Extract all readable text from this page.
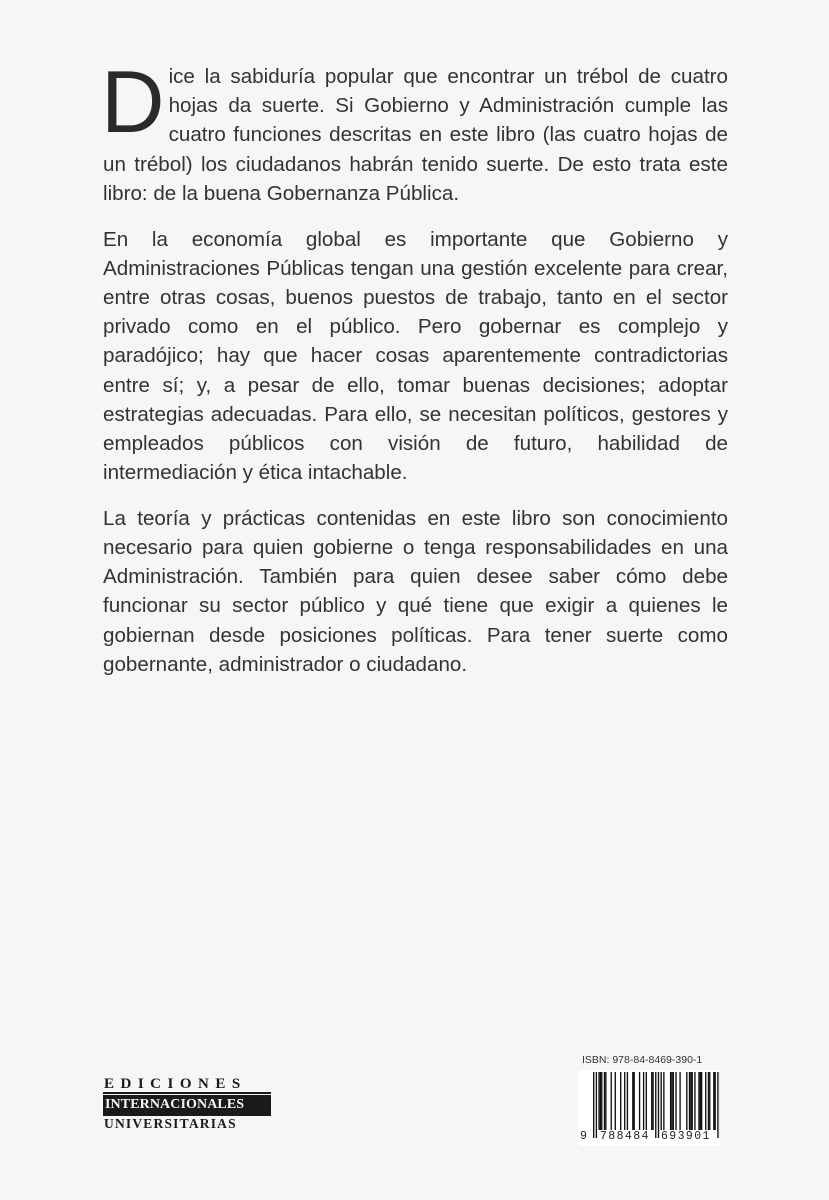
Dice la sabiduría popular que encontrar un trébol de cuatro hojas da suerte. Si Gobierno y Administración cumple las cuatro funciones descritas en este libro (las cuatro hojas de un trébol) los ciudadanos habrán tenido suerte. De esto trata este libro: de la buena Gobernanza Pública.

En la economía global es importante que Gobierno y Administraciones Públicas tengan una gestión excelente para crear, entre otras cosas, buenos puestos de trabajo, tanto en el sector privado como en el público. Pero gobernar es complejo y paradójico; hay que hacer cosas aparentemente contradictorias entre sí; y, a pesar de ello, tomar buenas decisiones; adoptar estrategias adecuadas. Para ello, se necesitan políticos, gestores y empleados públicos con visión de futuro, habilidad de intermediación y ética intachable.

La teoría y prácticas contenidas en este libro son conocimiento necesario para quien gobierne o tenga responsabilidades en una Administración. También para quien desee saber cómo debe funcionar su sector público y qué tiene que exigir a quienes le gobiernan desde posiciones políticas. Para tener suerte como gobernante, administrador o ciudadano.

EDICIONES
INTERNACIONALES
UNIVERSITARIAS
ISBN: 978-84-8469-390-1
9 788484 693901
